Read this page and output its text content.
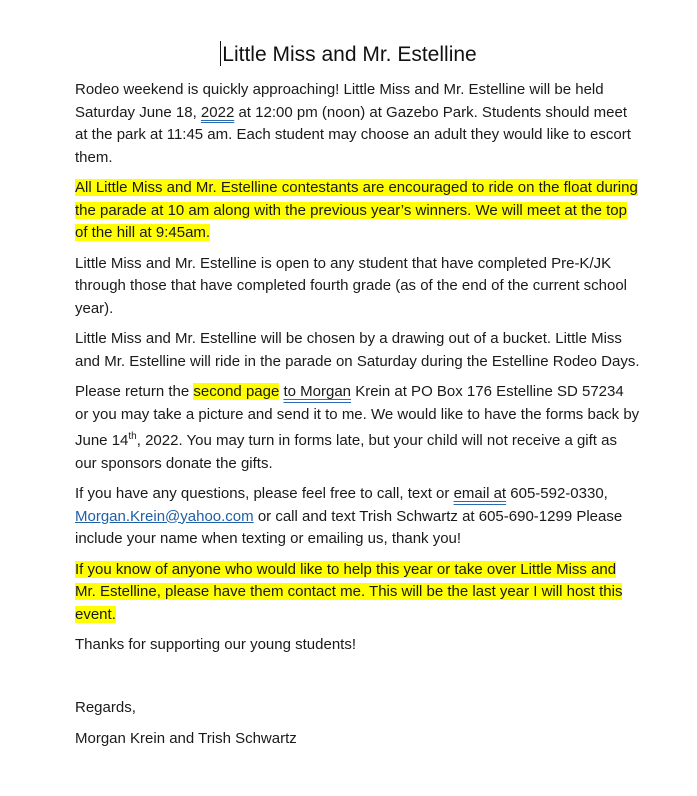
Little Miss and Mr. Estelline

Rodeo weekend is quickly approaching! Little Miss and Mr. Estelline will be held Saturday June 18, 2022 at 12:00 pm (noon) at Gazebo Park. Students should meet at the park at 11:45 am. Each student may choose an adult they would like to escort them.

All Little Miss and Mr. Estelline contestants are encouraged to ride on the float during the parade at 10 am along with the previous year’s winners. We will meet at the top of the hill at 9:45am.

Little Miss and Mr. Estelline is open to any student that have completed Pre-K/JK through those that have completed fourth grade (as of the end of the current school year).

Little Miss and Mr. Estelline will be chosen by a drawing out of a bucket. Little Miss and Mr. Estelline will ride in the parade on Saturday during the Estelline Rodeo Days.

Please return the second page to Morgan Krein at PO Box 176 Estelline SD 57234 or you may take a picture and send it to me. We would like to have the forms back by June 14th, 2022. You may turn in forms late, but your child will not receive a gift as our sponsors donate the gifts.

If you have any questions, please feel free to call, text or email at 605-592-0330, Morgan.Krein@yahoo.com or call and text Trish Schwartz at 605-690-1299 Please include your name when texting or emailing us, thank you!

If you know of anyone who would like to help this year or take over Little Miss and Mr. Estelline, please have them contact me. This will be the last year I will host this event.

Thanks for supporting our young students!

Regards,

Morgan Krein and Trish Schwartz
